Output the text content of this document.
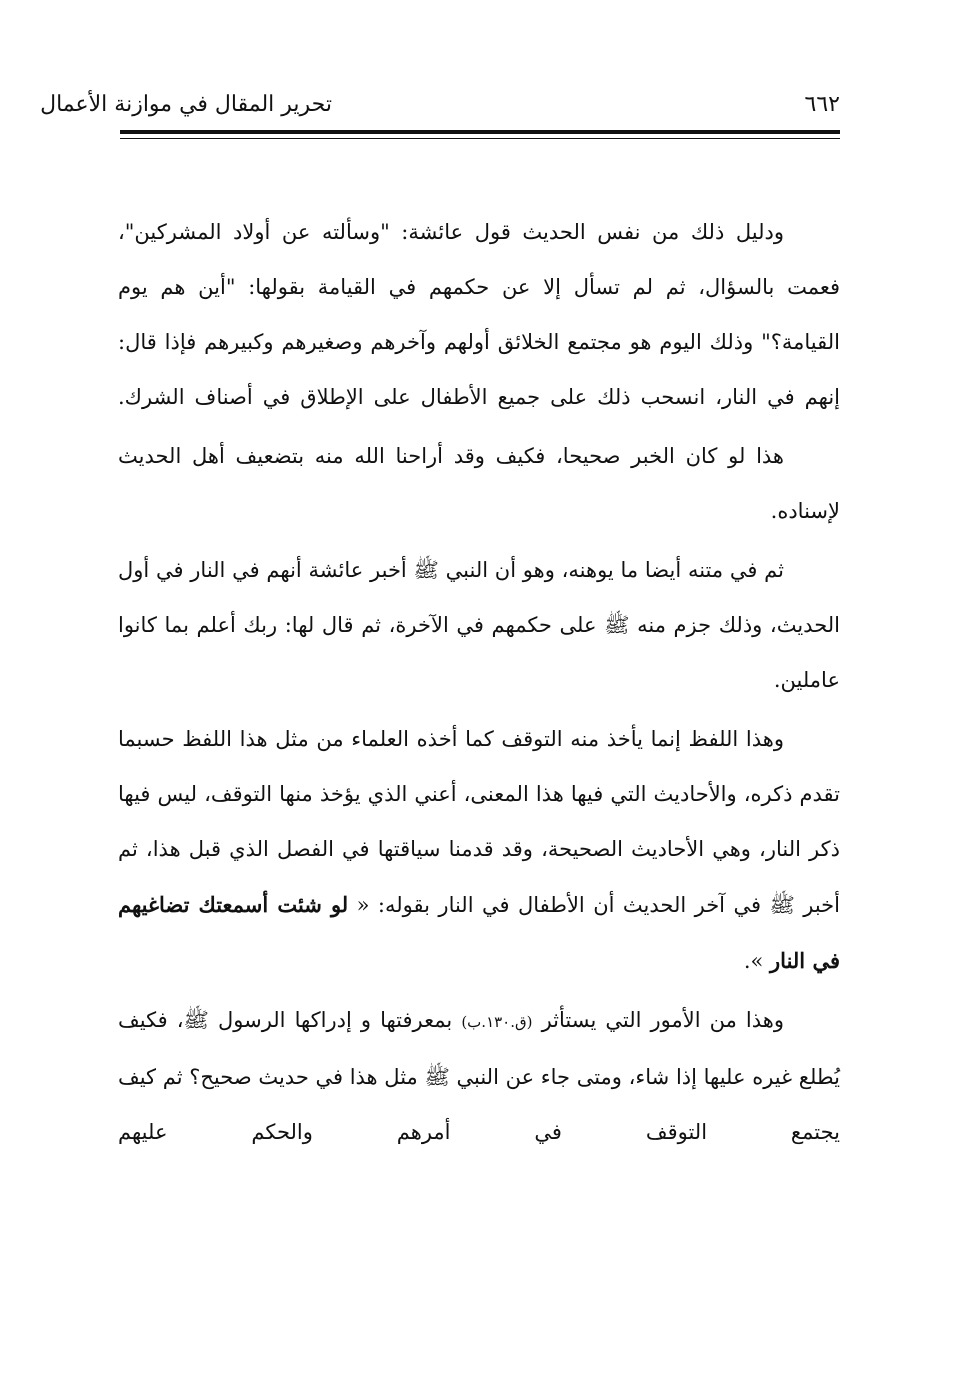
تحرير المقال في موازنة الأعمال	٦٦٢

ودليل ذلك من نفس الحديث قول عائشة: "وسألته عن أولاد المشركين"، فعمت بالسؤال، ثم لم تسأل إلا عن حكمهم في القيامة بقولها: "أين هم يوم القيامة؟" وذلك اليوم هو مجتمع الخلائق أولهم وآخرهم وصغيرهم وكبيرهم فإذا قال: إنهم في النار، انسحب ذلك على جميع الأطفال على الإطلاق في أصناف الشرك.

هذا لو كان الخبر صحيحا، فكيف وقد أراحنا الله منه بتضعيف أهل الحديث لإسناده.

ثم في متنه أيضا ما يوهنه، وهو أن النبي ﷺ أخبر عائشة أنهم في النار في أول الحديث، وذلك جزم منه ﷺ على حكمهم في الآخرة، ثم قال لها: ربك أعلم بما كانوا عاملين.

وهذا اللفظ إنما يأخذ منه التوقف كما أخذه العلماء من مثل هذا اللفظ حسبما تقدم ذكره، والأحاديث التي فيها هذا المعنى، أعني الذي يؤخذ منها التوقف، ليس فيها ذكر النار، وهي الأحاديث الصحيحة، وقد قدمنا سياقتها في الفصل الذي قبل هذا، ثم أخبر ﷺ في آخر الحديث أن الأطفال في النار بقوله: « لو شئت أسمعتك تضاغيهم في النار ».

وهذا من الأمور التي يستأثر (ق.١٣٠.ب) بمعرفتها و إدراكها الرسول ﷺ، فكيف يُطلع غيره عليها إذا شاء، ومتى جاء عن النبي ﷺ مثل هذا في حديث صحيح؟ ثم كيف يجتمع التوقف في أمرهم والحكم عليهم
